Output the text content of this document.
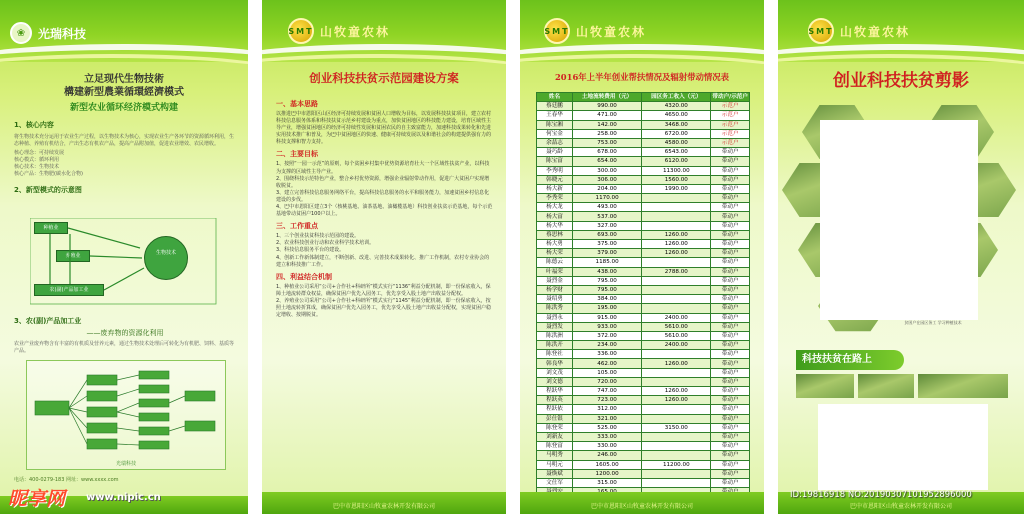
❀	光瑞科技
立足现代生物技術
構建新型農業循環經濟模式
新型农业循环经济模式构建
1、核心内容
将生物技术充分运用于农业生产过程，以生物技术为核心，实现农业生产各环节的资源循环利用，生态种植、养殖有机结合，产出生态有机农产品，提高产品附加值，促进农业增效、农民增收。
核心理念：可持续发展
核心模式：循环利用
核心技术：生物技术
核心产品：生物肥(碳水化合物)
2、新型模式的示意图
种植业
养殖业
农(副)产品加工业
生物技术
3、农(副)产品加工业
——废弃物的资源化利用
农业产业废弃物含有丰富的有机质及营养元素，通过生物技术处理后可转化为有机肥、饲料、基质等产品。
光瑞科技
电话：400-0279-183 网址：www.xxxx.com
SMT 山牧童农林
创业科技扶贫示范园建设方案
一、基本思路
以推进巴中市恩阳区山区经济可持续发展和贫困人口增收为目标，以发展科技扶贫项目，建立农村科技信息服务体系和科技扶贫示范乡村建设为重点，加快贫困地区的科技能力建设，培育区域性主导产业，增强贫困地区的经济可持续性发展和贫困农民的自主致富能力，加速科技成果转化和先进实用技术推广和普及，为巴中贫困地区的快速、健康可持续发展以及和谐社会的构建提供强有力的科技支撑和智力支持。
二、主要目标
1、按照“一园一示范”的原则，每个贫困乡村集中优势资源培育壮大一个区域性扶贫产业，以科技为支撑的区域性主导产业。
2、围绕科技示范特色产业，整合乡村优势资源，增强企业辐射带动作用，促进广大贫困户实现增收脱贫。
3、建立完善科技信息服务网络平台，提高科技信息服务的水平和服务能力，加速贫困乡村信息化建设的步伐。
4、巴中市恩阳区建立3个（核桃基地、油茶基地、油橄榄基地）科技创业扶贫示范基地，每个示范基地带动贫困户100户以上。
三、工作重点
1、三个创业扶贫科技示范园的建设。
2、农业科技创业行动和农业科学技术培训。
3、科技信息服务平台的建设。
4、创新工作新体制建立，不断创新、改进、完善技术成果转化、推广工作机制，农村专业协会的建立和科技推广工作。
四、利益结合机制
1、种植业公司采用“公司+合作社+科研所”模式实行“1136”利益分配机制，即一份保底收入，保障土地流转群众权益，确保贫困户优先入园务工，优先享受入股土地产出收益分配权。
2、养殖业公司采用“公司+合作社+科研所”模式实行“1145”利益分配机制，即一份保底收入，按照土地流转折算成，确保贫困户优先入园务工，优先享受入股土地产出收益分配权，实现贫困户稳定增收、按期脱贫。
巴中市恩阳区山牧童农林开发有限公司
SMT 山牧童农林
2016年上半年创业帮扶情况及辐射带动情况表
姓名	土地流转费用（元）	园区务工收入（元）	带动户/示范户
蔡廷鹏	990.00	4320.00	示范户
王春华	471.00	4650.00	示范户
陈宝湘	142.00	3468.00	示范户
何宝金	258.00	6720.00	示范户
余喆志	753.00	4580.00	示范户
聂巧龄	678.00	6543.00	带动户
陈宝富	654.00	6120.00	带动户
李秀明	300.00	11300.00	带动户
韩晓元	306.00	1560.00	带动户
杨大新	204.00	1990.00	带动户
李秀荣	1170.00		带动户
杨大龙	493.00		带动户
杨大富	537.00		带动户
杨大华	327.00		带动户
蔡思林	693.00	1260.00	带动户
杨大勇	375.00	1260.00	带动户
杨大荣	379.00	1260.00	带动户
陈德云	1185.00		带动户
叶福荣	438.00	2788.00	带动户
聂烈金	795.00		带动户
杨学财	795.00		带动户
聂绍勇	384.00		带动户
陈洪秀	195.00		带动户
聂烈永	915.00	2400.00	带动户
聂烈发	933.00	5610.00	带动户
陈洪洲	372.00	5610.00	带动户
陈洪开	234.00	2400.00	带动户
陈登社	336.00		带动户
韩良华	462.00	1260.00	带动户
刘文茂	105.00		带动户
刘文德	720.00		带动户
程跃华	747.00	1260.00	带动户
程跃英	723.00	1260.00	带动户
程跃依	312.00		带动户
彭仕银	321.00		带动户
陈登荣	525.00	3150.00	带动户
刘新友	333.00		带动户
陈登富	330.00		带动户
马明秀	246.00		带动户
马明元	1605.00	11200.00	带动户
聂焕斌	1200.00		带动户
文仕军	315.00		带动户

巴中市恩阳区山牧童农林开发有限公司
SMT 山牧童农林
创业科技扶贫剪影
贫困户在园区务工 学习种植技术
科技扶贫在路上
巴中市恩阳区山牧童农林开发有限公司
昵享网 www.nipic.cn	ID:19816918 NO:20190307101952896000
